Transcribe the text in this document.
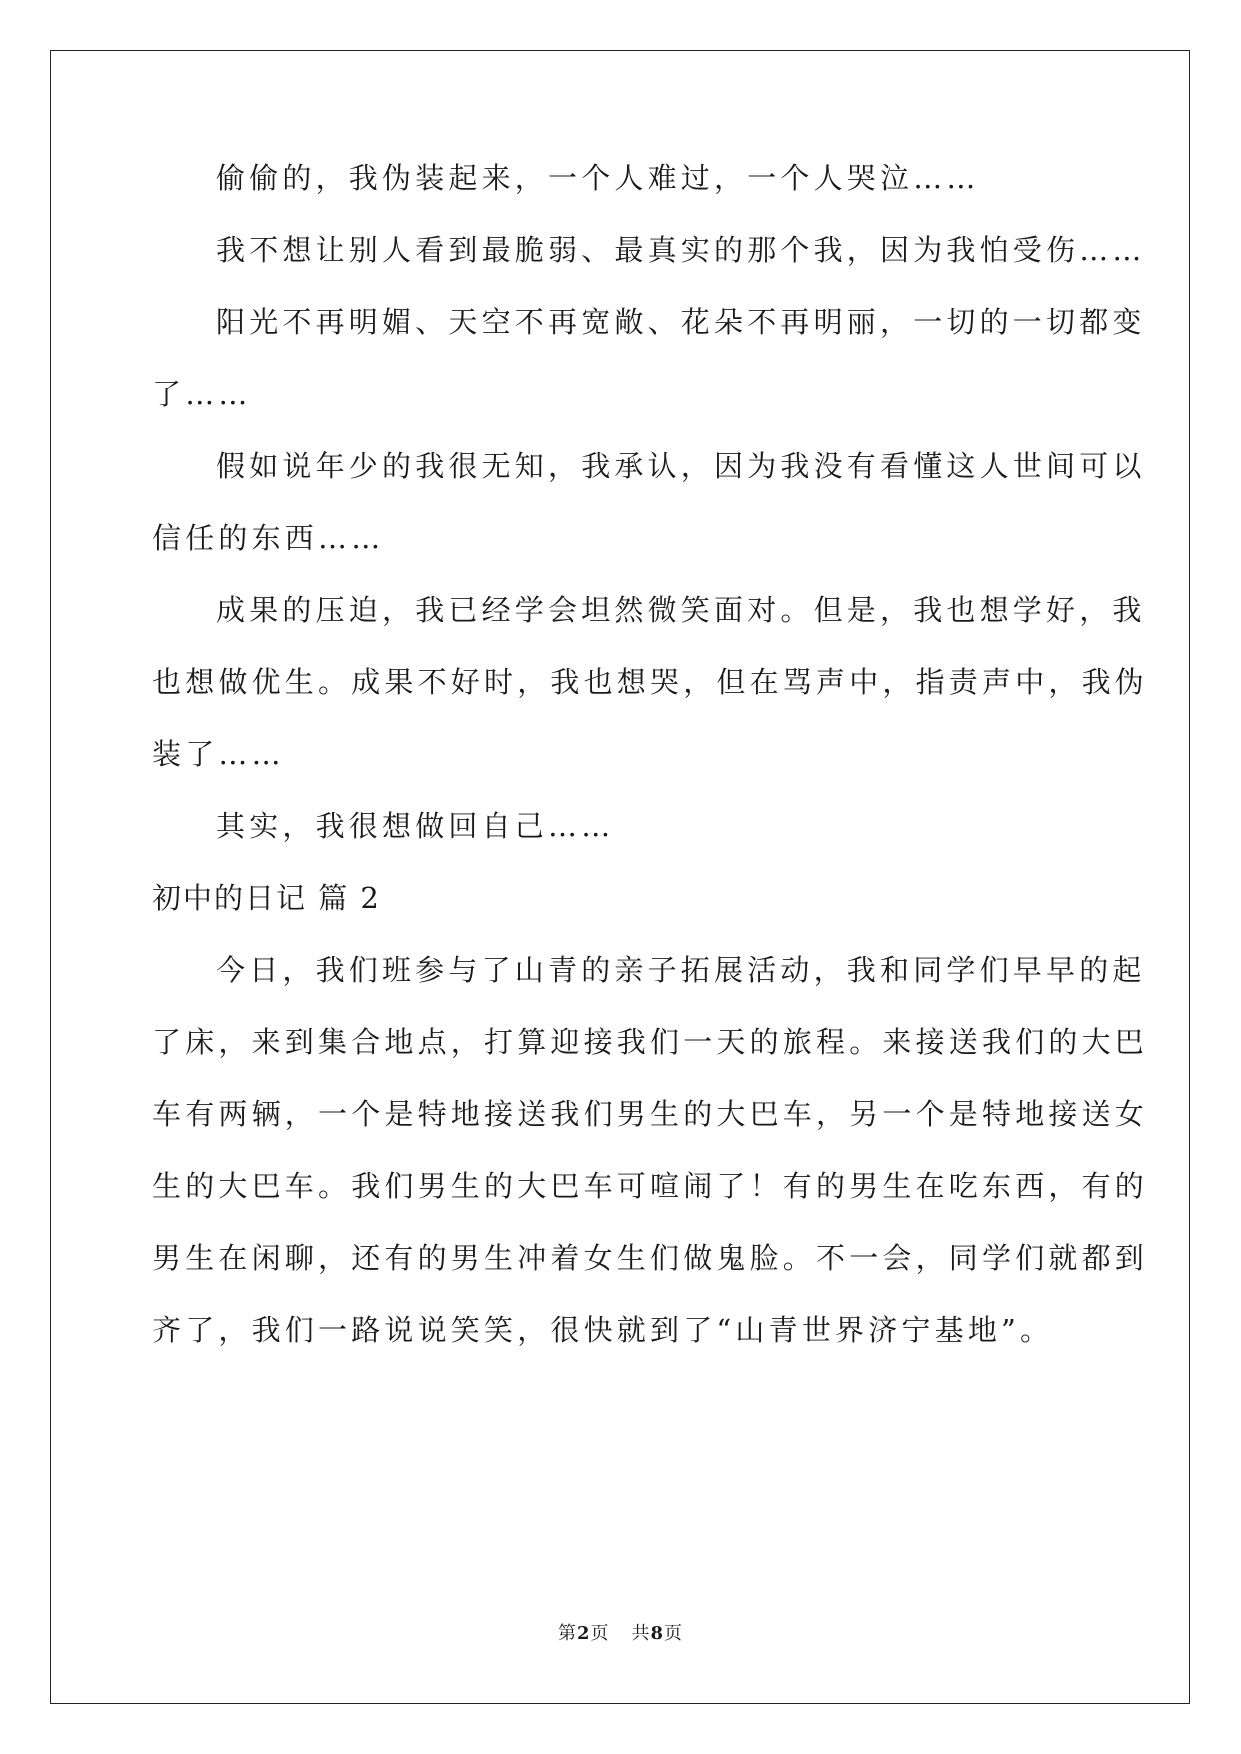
偷偷的，我伪装起来，一个人难过，一个人哭泣……
我不想让别人看到最脆弱、最真实的那个我，因为我怕受伤……
阳光不再明媚、天空不再宽敞、花朵不再明丽，一切的一切都变
了……
假如说年少的我很无知，我承认，因为我没有看懂这人世间可以
信任的东西……
成果的压迫，我已经学会坦然微笑面对。但是，我也想学好，我
也想做优生。成果不好时，我也想哭，但在骂声中，指责声中，我伪
装了……
其实，我很想做回自己……
初中的日记 篇 2
今日，我们班参与了山青的亲子拓展活动，我和同学们早早的起
了床，来到集合地点，打算迎接我们一天的旅程。来接送我们的大巴
车有两辆，一个是特地接送我们男生的大巴车，另一个是特地接送女
生的大巴车。我们男生的大巴车可喧闹了！有的男生在吃东西，有的
男生在闲聊，还有的男生冲着女生们做鬼脸。不一会，同学们就都到
齐了，我们一路说说笑笑，很快就到了“山青世界济宁基地”。
第2页 共8页
